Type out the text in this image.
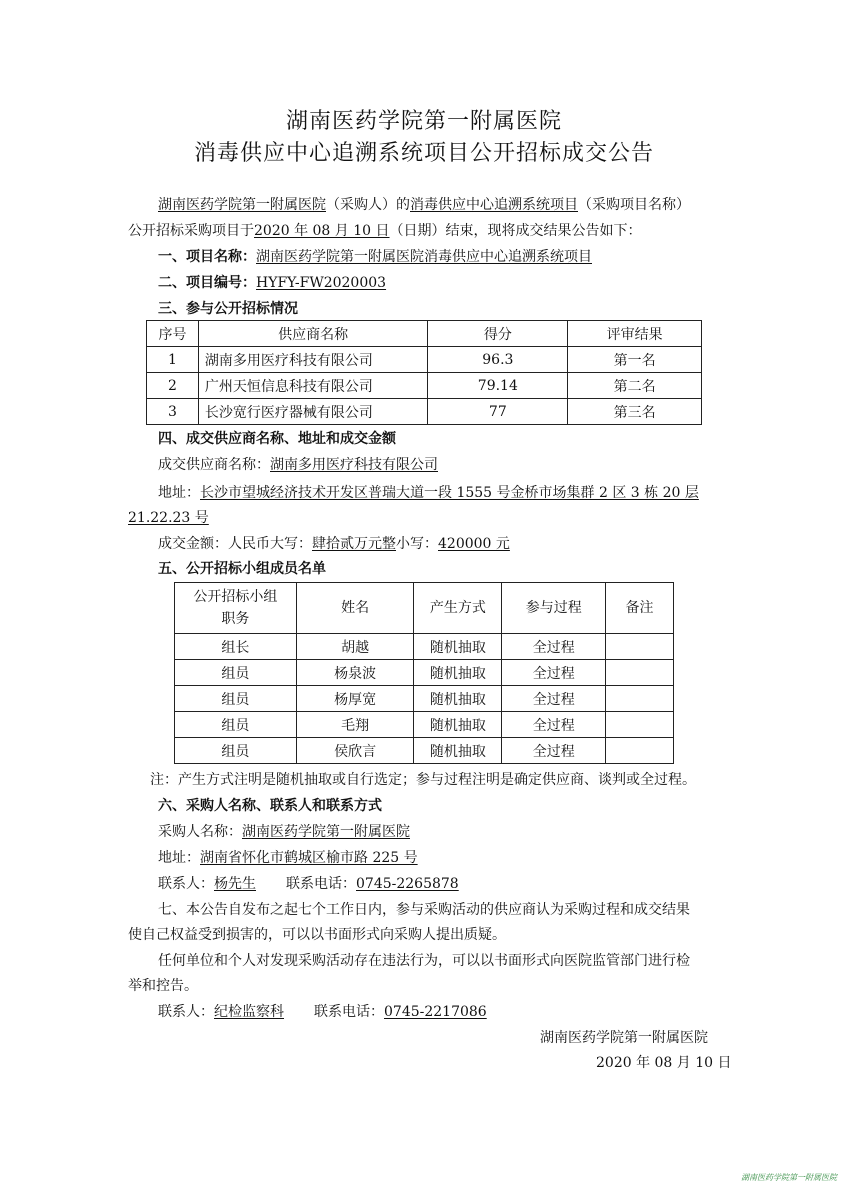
湖南医药学院第一附属医院
消毒供应中心追溯系统项目公开招标成交公告
湖南医药学院第一附属医院（采购人）的消毒供应中心追溯系统项目（采购项目名称）
公开招标采购项目于2020 年 08 月 10 日（日期）结束，现将成交结果公告如下：
一、项目名称：湖南医药学院第一附属医院消毒供应中心追溯系统项目
二、项目编号：HYFY-FW2020003
三、参与公开招标情况
序号	供应商名称	得分	评审结果
1	湖南多用医疗科技有限公司	96.3	第一名
2	广州天恒信息科技有限公司	79.14	第二名
3	长沙宽行医疗器械有限公司	77	第三名
四、成交供应商名称、地址和成交金额
成交供应商名称：湖南多用医疗科技有限公司
地址：长沙市望城经济技术开发区普瑞大道一段 1555 号金桥市场集群 2 区 3 栋 20 层
21.22.23 号
成交金额：人民币大写：肆拾贰万元整小写：420000 元
五、公开招标小组成员名单
公开招标小组
职务	姓名	产生方式	参与过程	备注
组长	胡越	随机抽取	全过程	
组员	杨泉波	随机抽取	全过程	
组员	杨厚宽	随机抽取	全过程	
组员	毛翔	随机抽取	全过程	
组员	侯欣言	随机抽取	全过程	
注：产生方式注明是随机抽取或自行选定；参与过程注明是确定供应商、谈判或全过程。
六、采购人名称、联系人和联系方式
采购人名称：湖南医药学院第一附属医院
地址：湖南省怀化市鹤城区榆市路 225 号
联系人：杨先生 联系电话：0745-2265878
七、本公告自发布之起七个工作日内，参与采购活动的供应商认为采购过程和成交结果
使自己权益受到损害的，可以以书面形式向采购人提出质疑。
任何单位和个人对发现采购活动存在违法行为，可以以书面形式向医院监管部门进行检
举和控告。
联系人：纪检监察科 联系电话：0745-2217086
湖南医药学院第一附属医院
2020 年 08 月 10 日
湖南医药学院第一附属医院
